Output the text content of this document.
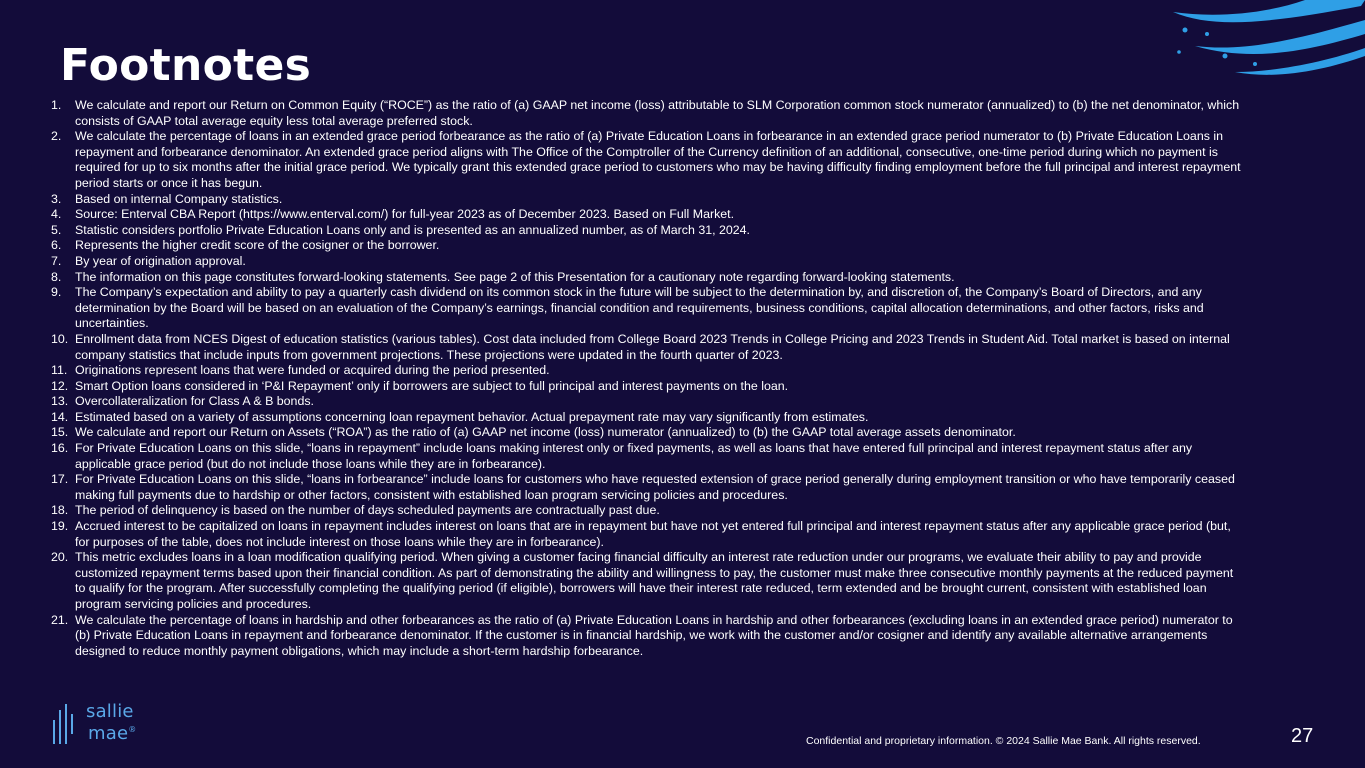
Footnotes
1.	We calculate and report our Return on Common Equity (“ROCE”) as the ratio of (a) GAAP net income (loss) attributable to SLM Corporation common stock numerator (annualized) to (b) the net denominator, which consists of GAAP total average equity less total average preferred stock.
2.	We calculate the percentage of loans in an extended grace period forbearance as the ratio of (a) Private Education Loans in forbearance in an extended grace period numerator to (b) Private Education Loans in repayment and forbearance denominator. An extended grace period aligns with The Office of the Comptroller of the Currency definition of an additional, consecutive, one-time period during which no payment is required for up to six months after the initial grace period. We typically grant this extended grace period to customers who may be having difficulty finding employment before the full principal and interest repayment period starts or once it has begun.
3.	Based on internal Company statistics.
4.	Source: Enterval CBA Report (https://www.enterval.com/) for full-year 2023 as of December 2023. Based on Full Market.
5.	Statistic considers portfolio Private Education Loans only and is presented as an annualized number, as of March 31, 2024.
6.	Represents the higher credit score of the cosigner or the borrower.
7.	By year of origination approval.
8.	The information on this page constitutes forward-looking statements. See page 2 of this Presentation for a cautionary note regarding forward-looking statements.
9.	The Company’s expectation and ability to pay a quarterly cash dividend on its common stock in the future will be subject to the determination by, and discretion of, the Company’s Board of Directors, and any determination by the Board will be based on an evaluation of the Company’s earnings, financial condition and requirements, business conditions, capital allocation determinations, and other factors, risks and uncertainties.
10. Enrollment data from NCES Digest of education statistics (various tables). Cost data included from College Board 2023 Trends in College Pricing and 2023 Trends in Student Aid. Total market is based on internal company statistics that include inputs from government projections. These projections were updated in the fourth quarter of 2023.
11. Originations represent loans that were funded or acquired during the period presented.
12. Smart Option loans considered in ‘P&I Repayment’ only if borrowers are subject to full principal and interest payments on the loan.
13. Overcollateralization for Class A & B bonds.
14. Estimated based on a variety of assumptions concerning loan repayment behavior. Actual prepayment rate may vary significantly from estimates.
15. We calculate and report our Return on Assets (“ROA”) as the ratio of (a) GAAP net income (loss) numerator (annualized) to (b) the GAAP total average assets denominator.
16. For Private Education Loans on this slide, “loans in repayment” include loans making interest only or fixed payments, as well as loans that have entered full principal and interest repayment status after any applicable grace period (but do not include those loans while they are in forbearance).
17. For Private Education Loans on this slide, “loans in forbearance” include loans for customers who have requested extension of grace period generally during employment transition or who have temporarily ceased making full payments due to hardship or other factors, consistent with established loan program servicing policies and procedures.
18. The period of delinquency is based on the number of days scheduled payments are contractually past due.
19. Accrued interest to be capitalized on loans in repayment includes interest on loans that are in repayment but have not yet entered full principal and interest repayment status after any applicable grace period (but, for purposes of the table, does not include interest on those loans while they are in forbearance).
20. This metric excludes loans in a loan modification qualifying period. When giving a customer facing financial difficulty an interest rate reduction under our programs, we evaluate their ability to pay and provide customized repayment terms based upon their financial condition. As part of demonstrating the ability and willingness to pay, the customer must make three consecutive monthly payments at the reduced payment to qualify for the program. After successfully completing the qualifying period (if eligible), borrowers will have their interest rate reduced, term extended and be brought current, consistent with established loan program servicing policies and procedures.
21. We calculate the percentage of loans in hardship and other forbearances as the ratio of (a) Private Education Loans in hardship and other forbearances (excluding loans in an extended grace period) numerator to (b) Private Education Loans in repayment and forbearance denominator. If the customer is in financial hardship, we work with the customer and/or cosigner and identify any available alternative arrangements designed to reduce monthly payment obligations, which may include a short-term hardship forbearance.
sallie
mae®
Confidential and proprietary information. © 2024 Sallie Mae Bank. All rights reserved.	27
